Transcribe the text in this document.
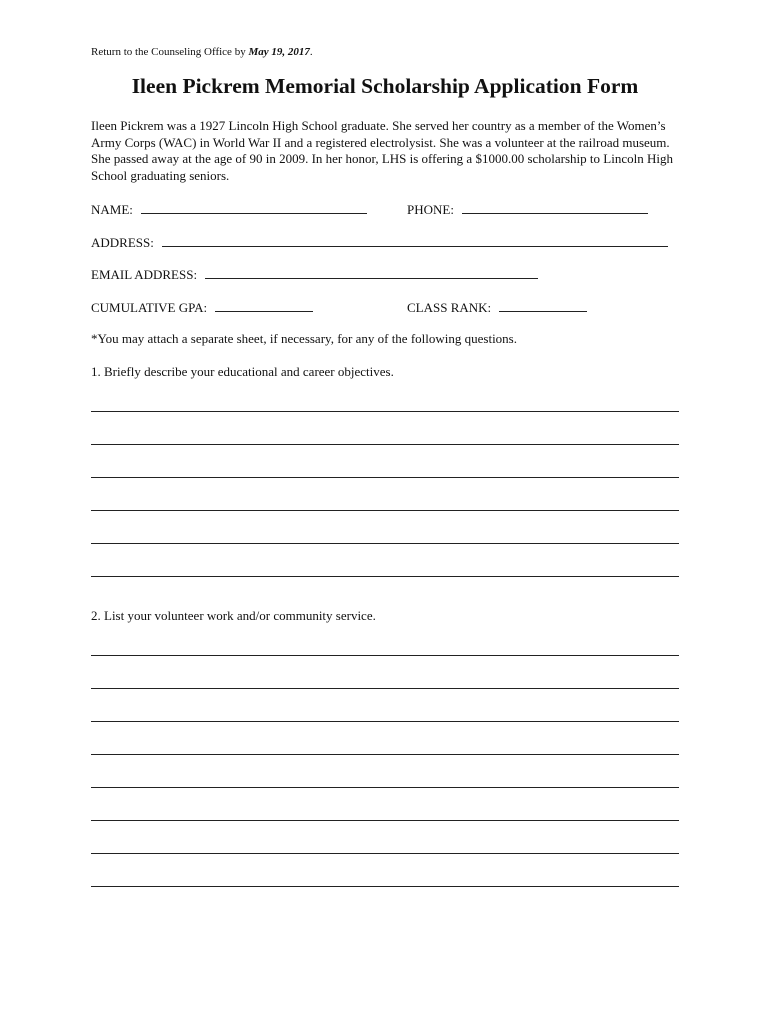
Return to the Counseling Office by May 19, 2017.
Ileen Pickrem Memorial Scholarship Application Form

Ileen Pickrem was a 1927 Lincoln High School graduate. She served her country as a member of the Women’s Army Corps (WAC) in World War II and a registered electrolysist. She was a volunteer at the railroad museum. She passed away at the age of 90 in 2009. In her honor, LHS is offering a $1000.00 scholarship to Lincoln High School graduating seniors.

NAME:	PHONE:
ADDRESS:
EMAIL ADDRESS:
CUMULATIVE GPA:	CLASS RANK:
*You may attach a separate sheet, if necessary, for any of the following questions.
1. Briefly describe your educational and career objectives.
2. List your volunteer work and/or community service.
